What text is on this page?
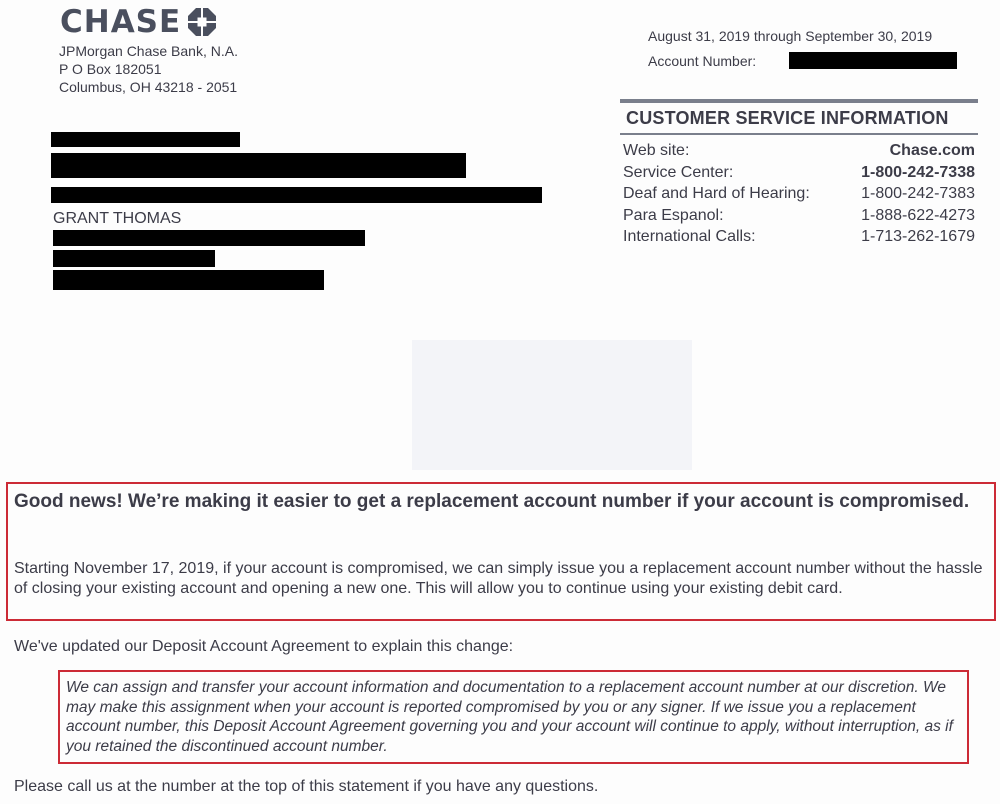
CHASE
JPMorgan Chase Bank, N.A.
P O Box 182051
Columbus, OH 43218 - 2051
August 31, 2019 through September 30, 2019
Account Number:
CUSTOMER SERVICE INFORMATION
Web site:	Chase.com
Service Center:	1-800-242-7338
Deaf and Hard of Hearing:	1-800-242-7383
Para Espanol:	1-888-622-4273
International Calls:	1-713-262-1679
GRANT THOMAS
Good news! We’re making it easier to get a replacement account number if your account is compromised.
Starting November 17, 2019, if your account is compromised, we can simply issue you a replacement account number without the hassle of closing your existing account and opening a new one. This will allow you to continue using your existing debit card.
We've updated our Deposit Account Agreement to explain this change:
We can assign and transfer your account information and documentation to a replacement account number at our discretion. We may make this assignment when your account is reported compromised by you or any signer. If we issue you a replacement account number, this Deposit Account Agreement governing you and your account will continue to apply, without interruption, as if you retained the discontinued account number.
Please call us at the number at the top of this statement if you have any questions.
